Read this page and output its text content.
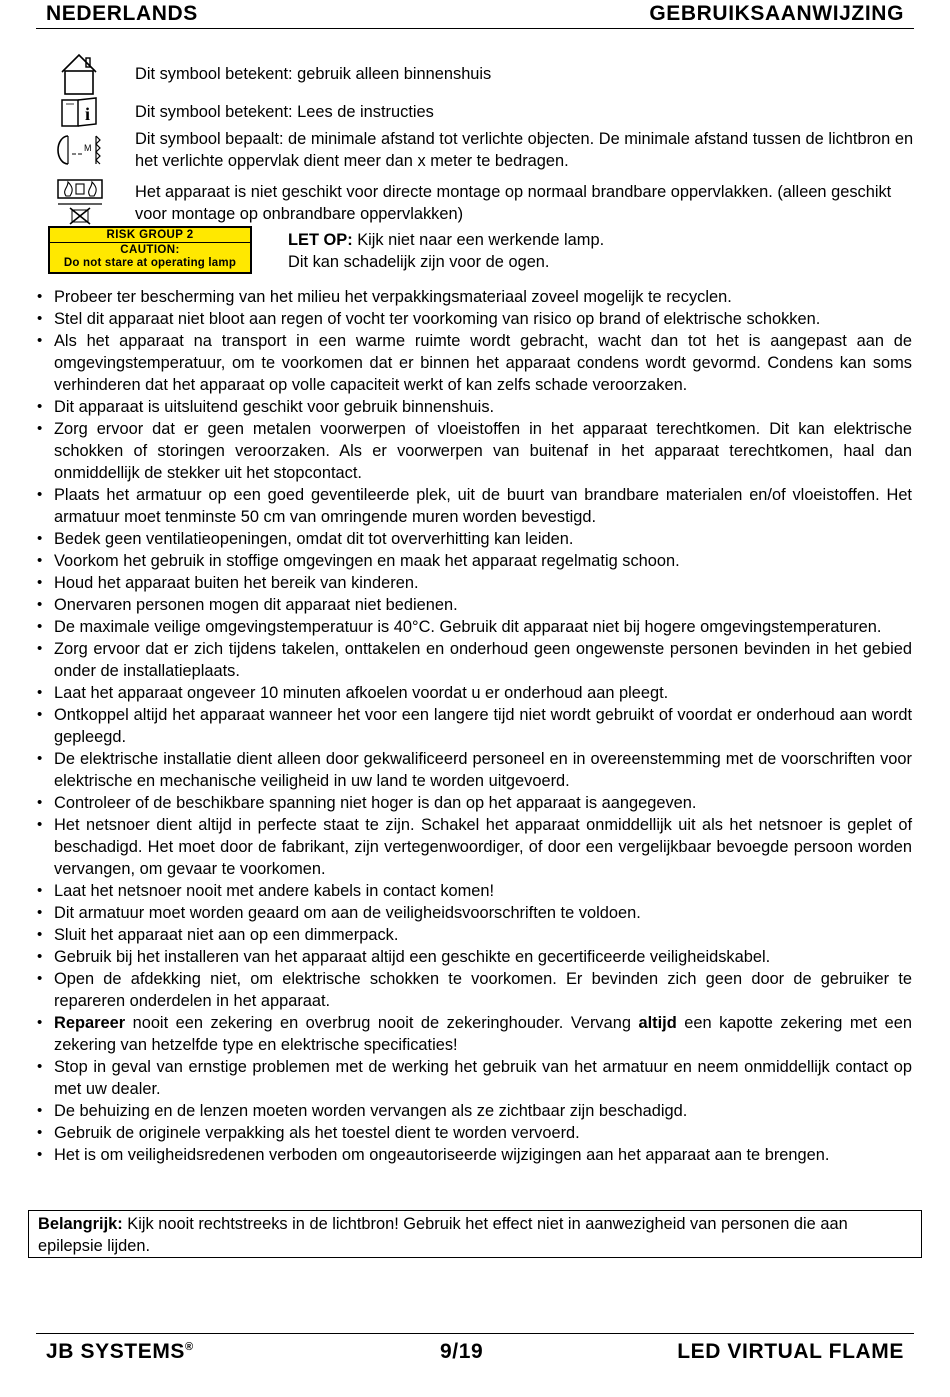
NEDERLANDS	GEBRUIKSAANWIJZING
Dit symbool betekent: gebruik alleen binnenshuis
i	Dit symbool betekent: Lees de instructies
M	Dit symbool bepaalt: de minimale afstand tot verlichte objecten. De minimale afstand tussen de lichtbron en het verlichte oppervlak dient meer dan x meter te bedragen.
Het apparaat is niet geschikt voor directe montage op normaal brandbare oppervlakken. (alleen geschikt voor montage op onbrandbare oppervlakken)
RISK GROUP 2
CAUTION:
Do not stare at operating lamp
LET OP: Kijk niet naar een werkende lamp.
Dit kan schadelijk zijn voor de ogen.
• Probeer ter bescherming van het milieu het verpakkingsmateriaal zoveel mogelijk te recyclen.
• Stel dit apparaat niet bloot aan regen of vocht ter voorkoming van risico op brand of elektrische schokken.
• Als het apparaat na transport in een warme ruimte wordt gebracht, wacht dan tot het is aangepast aan de omgevingstemperatuur, om te voorkomen dat er binnen het apparaat condens wordt gevormd. Condens kan soms verhinderen dat het apparaat op volle capaciteit werkt of kan zelfs schade veroorzaken.
• Dit apparaat is uitsluitend geschikt voor gebruik binnenshuis.
• Zorg ervoor dat er geen metalen voorwerpen of vloeistoffen in het apparaat terechtkomen. Dit kan elektrische schokken of storingen veroorzaken. Als er voorwerpen van buitenaf in het apparaat terechtkomen, haal dan onmiddellijk de stekker uit het stopcontact.
• Plaats het armatuur op een goed geventileerde plek, uit de buurt van brandbare materialen en/of vloeistoffen. Het armatuur moet tenminste 50 cm van omringende muren worden bevestigd.
• Bedek geen ventilatieopeningen, omdat dit tot oververhitting kan leiden.
• Voorkom het gebruik in stoffige omgevingen en maak het apparaat regelmatig schoon.
• Houd het apparaat buiten het bereik van kinderen.
• Onervaren personen mogen dit apparaat niet bedienen.
• De maximale veilige omgevingstemperatuur is 40°C. Gebruik dit apparaat niet bij hogere omgevingstemperaturen.
• Zorg ervoor dat er zich tijdens takelen, onttakelen en onderhoud geen ongewenste personen bevinden in het gebied onder de installatieplaats.
• Laat het apparaat ongeveer 10 minuten afkoelen voordat u er onderhoud aan pleegt.
• Ontkoppel altijd het apparaat wanneer het voor een langere tijd niet wordt gebruikt of voordat er onderhoud aan wordt gepleegd.
• De elektrische installatie dient alleen door gekwalificeerd personeel en in overeenstemming met de voorschriften voor elektrische en mechanische veiligheid in uw land te worden uitgevoerd.
• Controleer of de beschikbare spanning niet hoger is dan op het apparaat is aangegeven.
• Het netsnoer dient altijd in perfecte staat te zijn. Schakel het apparaat onmiddellijk uit als het netsnoer is geplet of beschadigd. Het moet door de fabrikant, zijn vertegenwoordiger, of door een vergelijkbaar bevoegde persoon worden vervangen, om gevaar te voorkomen.
• Laat het netsnoer nooit met andere kabels in contact komen!
• Dit armatuur moet worden geaard om aan de veiligheidsvoorschriften te voldoen.
• Sluit het apparaat niet aan op een dimmerpack.
• Gebruik bij het installeren van het apparaat altijd een geschikte en gecertificeerde veiligheidskabel.
• Open de afdekking niet, om elektrische schokken te voorkomen. Er bevinden zich geen door de gebruiker te repareren onderdelen in het apparaat.
• Repareer nooit een zekering en overbrug nooit de zekeringhouder. Vervang altijd een kapotte zekering met een zekering van hetzelfde type en elektrische specificaties!
• Stop in geval van ernstige problemen met de werking het gebruik van het armatuur en neem onmiddellijk contact op met uw dealer.
• De behuizing en de lenzen moeten worden vervangen als ze zichtbaar zijn beschadigd.
• Gebruik de originele verpakking als het toestel dient te worden vervoerd.
• Het is om veiligheidsredenen verboden om ongeautoriseerde wijzigingen aan het apparaat aan te brengen.
Belangrijk: Kijk nooit rechtstreeks in de lichtbron! Gebruik het effect niet in aanwezigheid van personen die aan epilepsie lijden.
JB SYSTEMS®	9/19	LED VIRTUAL FLAME
